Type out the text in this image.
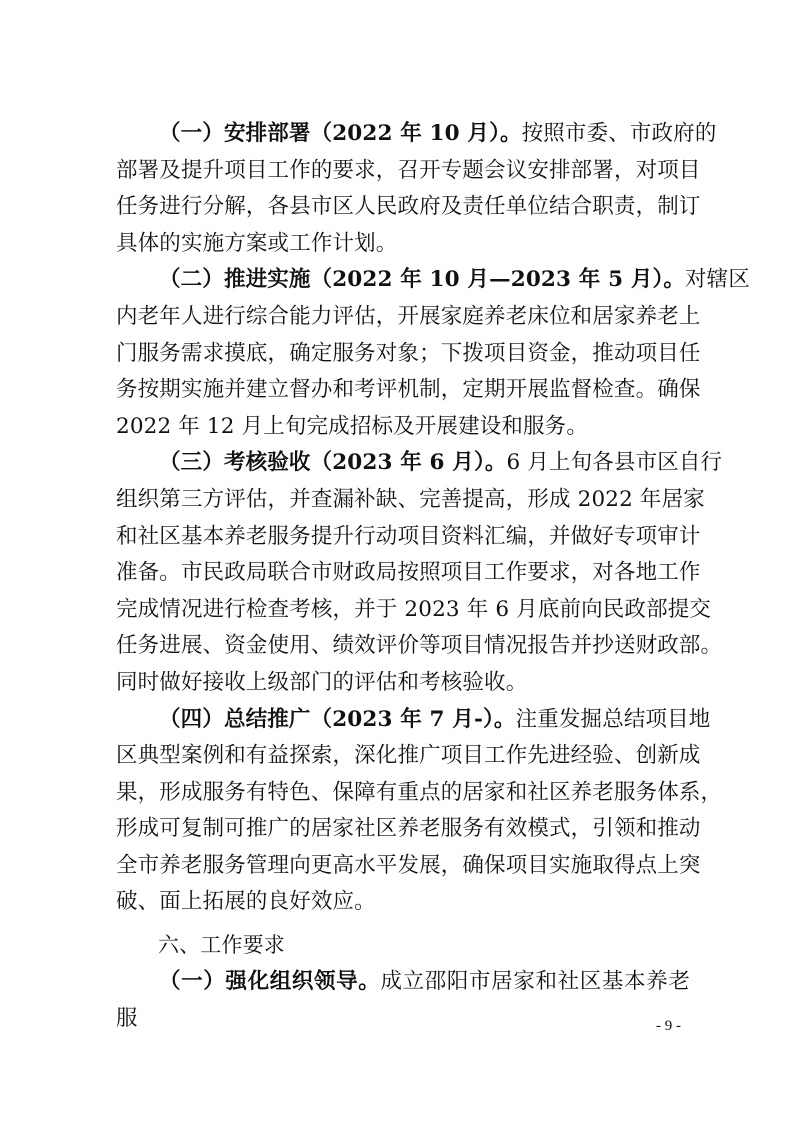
（一）安排部署（2022 年 10 月）。按照市委、市政府的
部署及提升项目工作的要求，召开专题会议安排部署，对项目
任务进行分解，各县市区人民政府及责任单位结合职责，制订
具体的实施方案或工作计划。

（二）推进实施（2022 年 10 月—2023 年 5 月）。对辖区
内老年人进行综合能力评估，开展家庭养老床位和居家养老上
门服务需求摸底，确定服务对象；下拨项目资金，推动项目任
务按期实施并建立督办和考评机制，定期开展监督检查。确保
2022 年 12 月上旬完成招标及开展建设和服务。

（三）考核验收（2023 年 6 月）。6 月上旬各县市区自行
组织第三方评估，并查漏补缺、完善提高，形成 2022 年居家
和社区基本养老服务提升行动项目资料汇编，并做好专项审计
准备。市民政局联合市财政局按照项目工作要求，对各地工作
完成情况进行检查考核，并于 2023 年 6 月底前向民政部提交
任务进展、资金使用、绩效评价等项目情况报告并抄送财政部。
同时做好接收上级部门的评估和考核验收。

（四）总结推广（2023 年 7 月-）。注重发掘总结项目地
区典型案例和有益探索，深化推广项目工作先进经验、创新成
果，形成服务有特色、保障有重点的居家和社区养老服务体系，
形成可复制可推广的居家社区养老服务有效模式，引领和推动
全市养老服务管理向更高水平发展，确保项目实施取得点上突
破、面上拓展的良好效应。

六、工作要求

（一）强化组织领导。成立邵阳市居家和社区基本养老服	- 9 -
